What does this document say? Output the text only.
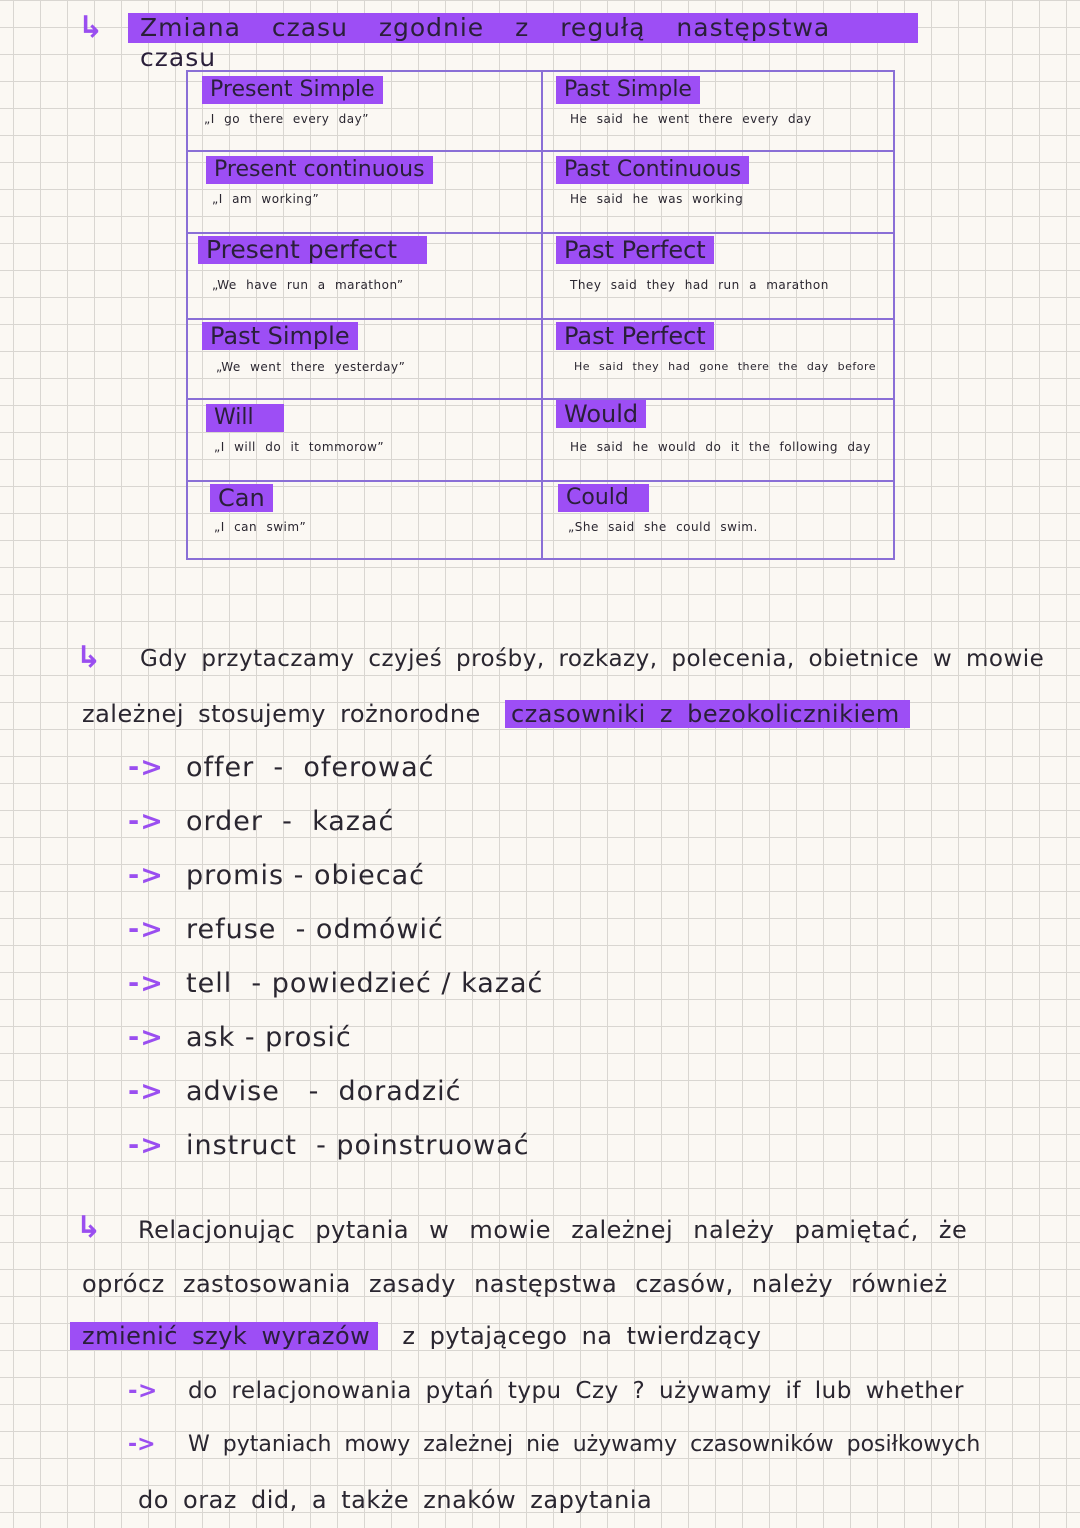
↳	Zmiana czasu zgodnie z regułą następstwa czasu
Present Simple
„I go there every day”
Past Simple
He said he went there every day
Present continuous
„I am working”
Past Continuous
He said he was working
Present perfect
„We have run a marathon”
Past Perfect
They said they had run a marathon
Past Simple
„We went there yesterday”
Past Perfect
He said they had gone there the day before
Will
„I will do it tommorow”
Would
He said he would do it the following day
Can
„I can swim”
Could
„She said she could swim.
↳ Gdy przytaczamy czyjeś prośby, rozkazy, polecenia, obietnice w mowie
zależnej stosujemy rożnorodne czasowniki z bezokolicznikiem
-> offer  -  oferować
-> order  -  kazać
-> promis - obiecać
-> refuse  - odmówić
-> tell  - powiedzieć / kazać
-> ask - prosić
-> advise   -  doradzić
-> instruct  - poinstruować
↳ Relacjonując pytania w mowie zależnej należy pamiętać, że
oprócz zastosowania zasady następstwa czasów, należy również
zmienić szyk wyrazów z pytającego na twierdzący
-> do relacjonowania pytań typu Czy ? używamy if lub whether
-> W pytaniach mowy zależnej nie używamy czasowników posiłkowych
do oraz did, a także znaków zapytania
